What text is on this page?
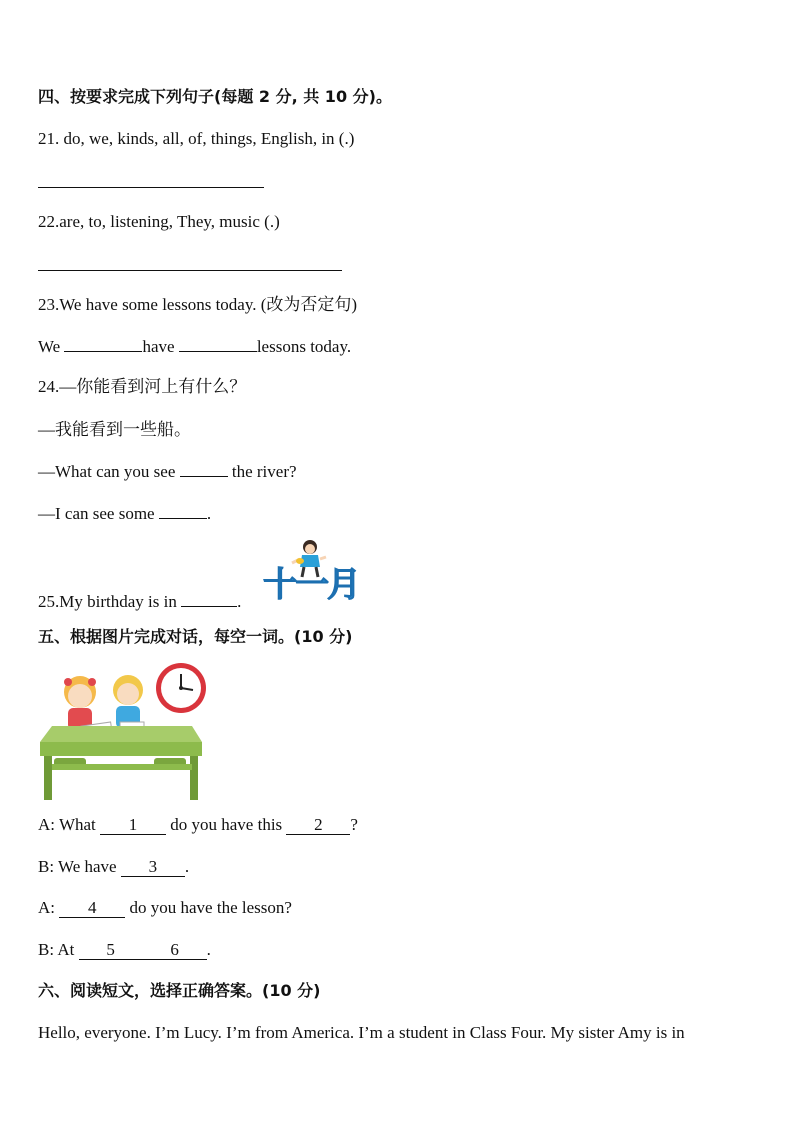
四、按要求完成下列句子(每题 2 分, 共 10 分)。
21. do, we, kinds, all, of, things, English, in (.)
22.are, to, listening, They, music (.)
23.We have some lessons today. (改为否定句)
We	have	lessons today.
24.—你能看到河上有什么？
—我能看到一些船。
—What can you see	the river?
—I can see some	.
25.My birthday is in	. 十一月
五、根据图片完成对话，每空一词。(10 分)
A: What 1 do you have this 2 ?
B: We have 3 .
A: 4 do you have the lesson?
B: At 5	6 .
六、阅读短文，选择正确答案。(10 分)
Hello, everyone. I’m Lucy. I’m from America. I’m a student in Class Four. My sister Amy is in
